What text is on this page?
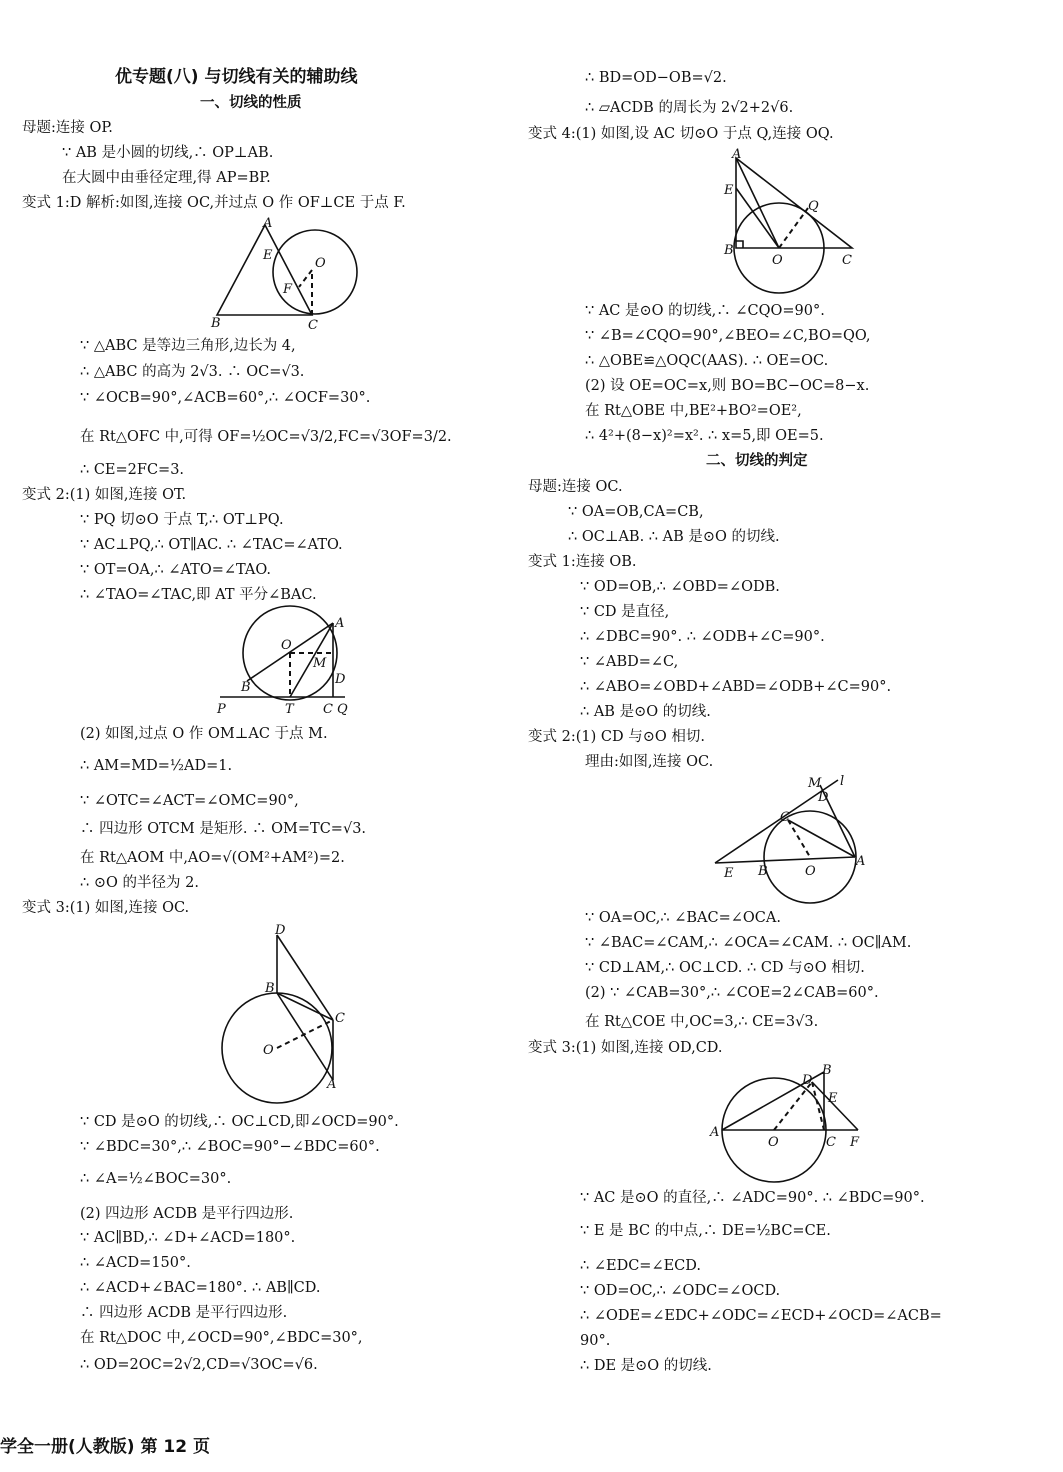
优专题(八) 与切线有关的辅助线
一、切线的性质
母题:连接 OP.
∵ AB 是小圆的切线,∴ OP⊥AB.
在大圆中由垂径定理,得 AP=BP.
变式 1:D 解析:如图,连接 OC,并过点 O 作 OF⊥CE 于点 F.
A
E
O
F
B	C
∵ △ABC 是等边三角形,边长为 4,
∴ △ABC 的高为 2√3. ∴ OC=√3.
∵ ∠OCB=90°,∠ACB=60°,∴ ∠OCF=30°.
在 Rt△OFC 中,可得 OF=½OC=√3/2,FC=√3OF=3/2.
∴ CE=2FC=3.
变式 2:(1) 如图,连接 OT.
∵ PQ 切⊙O 于点 T,∴ OT⊥PQ.
∵ AC⊥PQ,∴ OT∥AC. ∴ ∠TAC=∠ATO.
∵ OT=OA,∴ ∠ATO=∠TAO.
∴ ∠TAO=∠TAC,即 AT 平分∠BAC.
O
A
M
B
D
P	T C Q
(2) 如图,过点 O 作 OM⊥AC 于点 M.
∴ AM=MD=½AD=1.
∵ ∠OTC=∠ACT=∠OMC=90°,
∴ 四边形 OTCM 是矩形. ∴ OM=TC=√3.
在 Rt△AOM 中,AO=√(OM²+AM²)=2.
∴ ⊙O 的半径为 2.
变式 3:(1) 如图,连接 OC.
D
B
C
O
A
∵ CD 是⊙O 的切线,∴ OC⊥CD,即∠OCD=90°.
∵ ∠BDC=30°,∴ ∠BOC=90°−∠BDC=60°.
∴ ∠A=½∠BOC=30°.
(2) 四边形 ACDB 是平行四边形.
∵ AC∥BD,∴ ∠D+∠ACD=180°.
∴ ∠ACD=150°.
∴ ∠ACD+∠BAC=180°. ∴ AB∥CD.
∴ 四边形 ACDB 是平行四边形.
在 Rt△DOC 中,∠OCD=90°,∠BDC=30°,
∴ OD=2OC=2√2,CD=√3OC=√6.
∴ BD=OD−OB=√2.
∴ ▱ACDB 的周长为 2√2+2√6.
变式 4:(1) 如图,设 AC 切⊙O 于点 Q,连接 OQ.
A
E
Q
B
O	C
∵ AC 是⊙O 的切线,∴ ∠CQO=90°.
∵ ∠B=∠CQO=90°,∠BEO=∠C,BO=QO,
∴ △OBE≌△OQC(AAS). ∴ OE=OC.
(2) 设 OE=OC=x,则 BO=BC−OC=8−x.
在 Rt△OBE 中,BE²+BO²=OE²,
∴ 4²+(8−x)²=x². ∴ x=5,即 OE=5.
二、切线的判定
母题:连接 OC.
∵ OA=OB,CA=CB,
∴ OC⊥AB. ∴ AB 是⊙O 的切线.
变式 1:连接 OB.
∵ OD=OB,∴ ∠OBD=∠ODB.
∵ CD 是直径,
∴ ∠DBC=90°. ∴ ∠ODB+∠C=90°.
∵ ∠ABD=∠C,
∴ ∠ABO=∠OBD+∠ABD=∠ODB+∠C=90°.
∴ AB 是⊙O 的切线.
变式 2:(1) CD 与⊙O 相切.
理由:如图,连接 OC.
M
D
l
C
E B	O
A
∵ OA=OC,∴ ∠BAC=∠OCA.
∵ ∠BAC=∠CAM,∴ ∠OCA=∠CAM. ∴ OC∥AM.
∵ CD⊥AM,∴ OC⊥CD. ∴ CD 与⊙O 相切.
(2) ∵ ∠CAB=30°,∴ ∠COE=2∠CAB=60°.
在 Rt△COE 中,OC=3,∴ CE=3√3.
变式 3:(1) 如图,连接 OD,CD.
D
B
E
A
O	C F
∵ AC 是⊙O 的直径,∴ ∠ADC=90°. ∴ ∠BDC=90°.
∵ E 是 BC 的中点,∴ DE=½BC=CE.
∴ ∠EDC=∠ECD.
∵ OD=OC,∴ ∠ODC=∠OCD.
∴ ∠ODE=∠EDC+∠ODC=∠ECD+∠OCD=∠ACB=
90°.
∴ DE 是⊙O 的切线.
学全一册(人教版) 第 12 页
